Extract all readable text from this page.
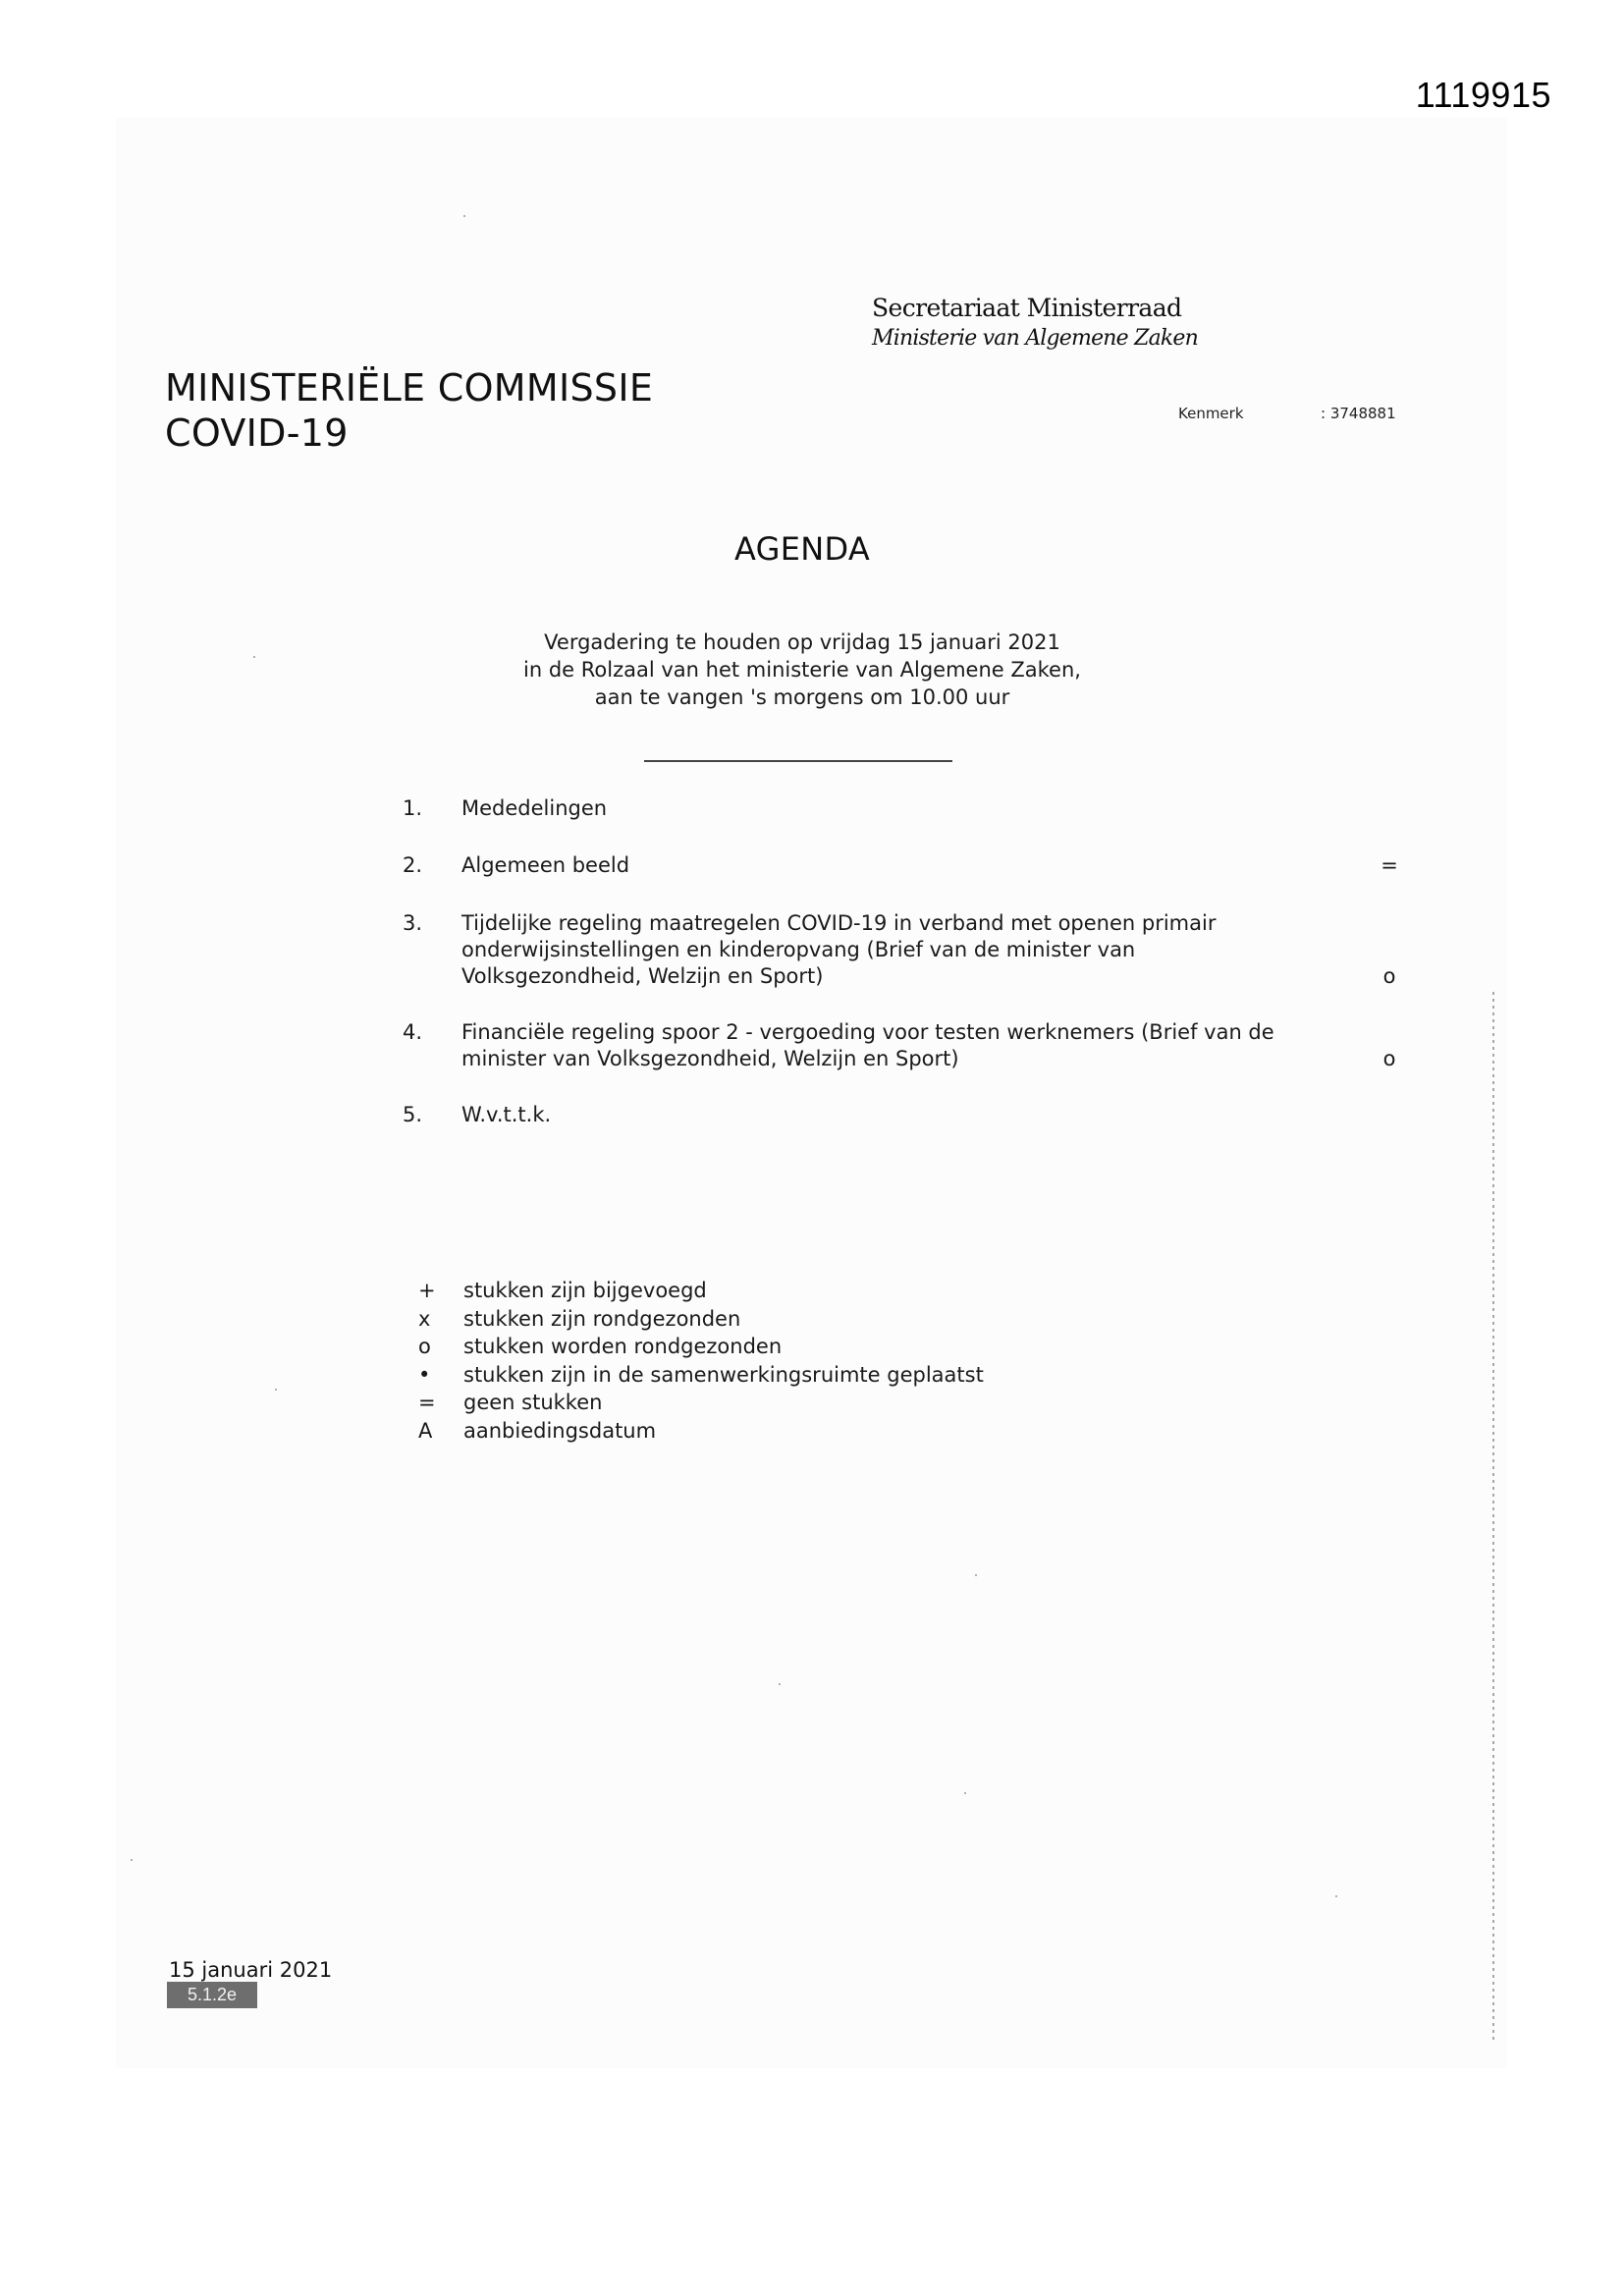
1119915
Secretariaat Ministerraad
Ministerie van Algemene Zaken
MINISTERIËLE COMMISSIE
COVID-19	Kenmerk	: 3748881
AGENDA
Vergadering te houden op vrijdag 15 januari 2021
in de Rolzaal van het ministerie van Algemene Zaken,
aan te vangen 's morgens om 10.00 uur
1. Mededelingen
2. Algemeen beeld	=
3. Tijdelijke regeling maatregelen COVID-19 in verband met openen primair
onderwijsinstellingen en kinderopvang (Brief van de minister van
Volksgezondheid, Welzijn en Sport)	o
4. Financiële regeling spoor 2 - vergoeding voor testen werknemers (Brief van de
minister van Volksgezondheid, Welzijn en Sport)	o
5. W.v.t.t.k.
+	stukken zijn bijgevoegd
x	stukken zijn rondgezonden
o	stukken worden rondgezonden
•	stukken zijn in de samenwerkingsruimte geplaatst
=	geen stukken
A	aanbiedingsdatum
15 januari 2021
5.1.2e
